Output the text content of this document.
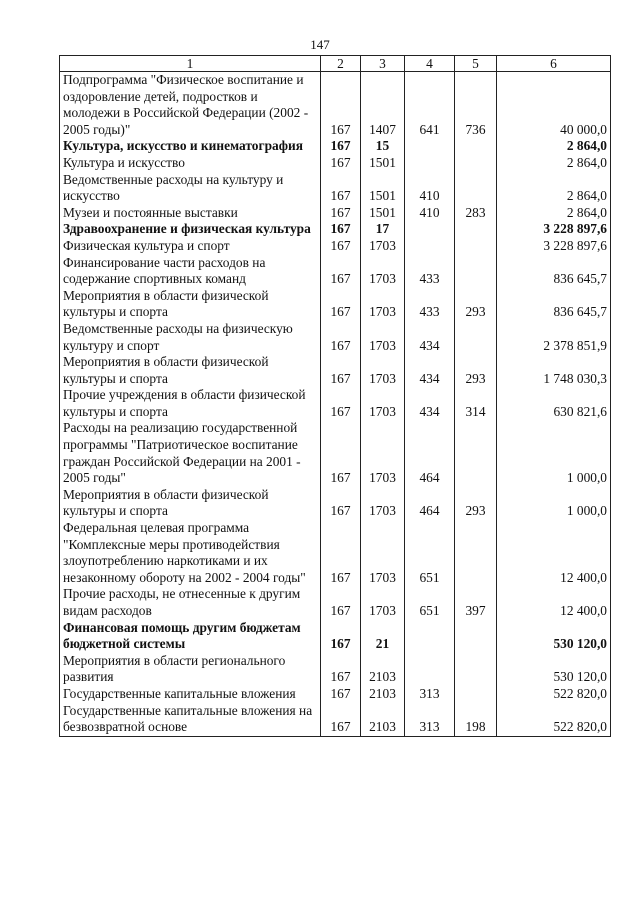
147
1	2	3	4	5	6
Подпрограмма "Физическое воспитание и оздоровление детей, подростков и молодежи в Российской Федерации (2002 - 2005 годы)"	167	1407	641	736	40 000,0
Культура, искусство и кинематография	167	15			2 864,0
Культура и искусство	167	1501			2 864,0
Ведомственные расходы на культуру и искусство	167	1501	410		2 864,0
Музеи и постоянные выставки	167	1501	410	283	2 864,0
Здравоохранение и физическая культура	167	17			3 228 897,6
Физическая культура и спорт	167	1703			3 228 897,6
Финансирование части расходов на содержание спортивных команд	167	1703	433		836 645,7
Мероприятия в области физической культуры и спорта	167	1703	433	293	836 645,7
Ведомственные расходы на физическую культуру и спорт	167	1703	434		2 378 851,9
Мероприятия в области физической культуры и спорта	167	1703	434	293	1 748 030,3
Прочие учреждения в области физической культуры и спорта	167	1703	434	314	630 821,6
Расходы на реализацию государственной программы "Патриотическое воспитание граждан Российской Федерации на 2001 - 2005 годы"	167	1703	464		1 000,0
Мероприятия в области физической культуры и спорта	167	1703	464	293	1 000,0
Федеральная целевая программа "Комплексные меры противодействия злоупотреблению наркотиками и их незаконному обороту на 2002 - 2004 годы"	167	1703	651		12 400,0
Прочие расходы, не отнесенные к другим видам расходов	167	1703	651	397	12 400,0
Финансовая помощь другим бюджетам бюджетной системы	167	21			530 120,0
Мероприятия в области регионального развития	167	2103			530 120,0
Государственные капитальные вложения	167	2103	313		522 820,0
Государственные капитальные вложения на безвозвратной основе	167	2103	313	198	522 820,0
